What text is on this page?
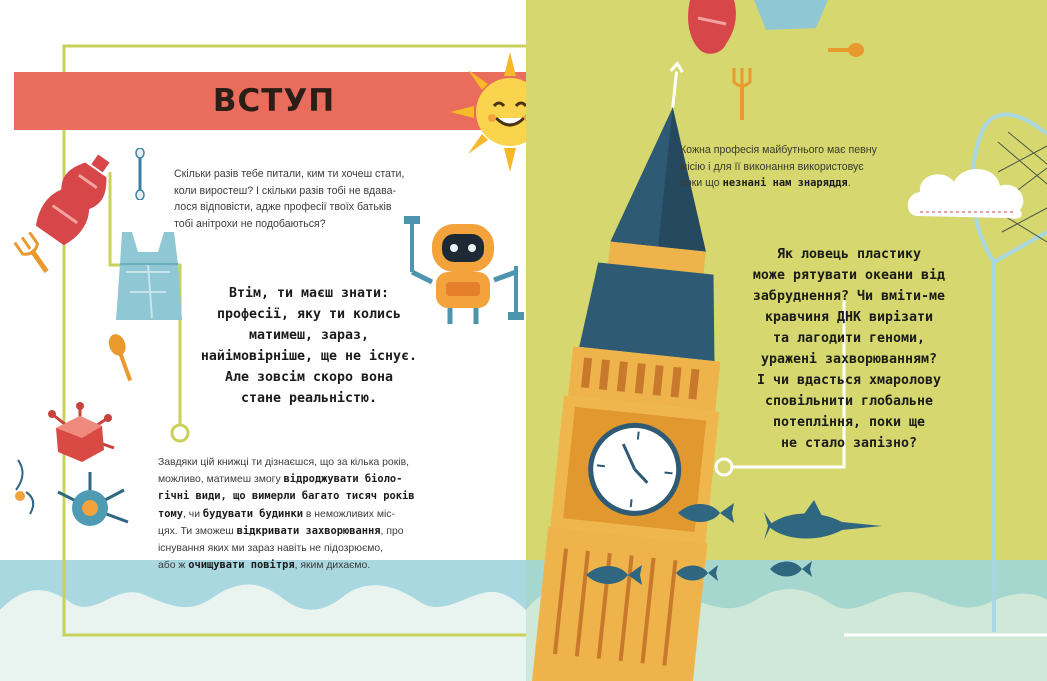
ВСТУП
Скільки разів тебе питали, ким ти хочеш стати,
коли виростеш? І скільки разів тобі не вдава-
лося відповісти, адже професії твоїх батьків
тобі анітрохи не подобаються?
Втім, ти маєш знати:
професії, яку ти колись
матимеш, зараз,
найімовірніше, ще не існує.
Але зовсім скоро вона
стане реальністю.
Завдяки цій книжці ти дізнаєшся, що за кілька років,
можливо, матимеш змогу відроджувати біоло-
гічні види, що вимерли багато тисяч років
тому, чи будувати будинки в неможливих міс-
цях. Ти зможеш відкривати захворювання, про
існування яких ми зараз навіть не підозрюємо,
або ж очищувати повітря, яким дихаємо.
Кожна професія майбутнього має певну
місію і для її виконання використовує
поки що незнані нам знаряддя.
Як ловець пластику
може рятувати океани від
забруднення? Чи вміти-ме
кравчиня ДНК вирізати
та лагодити геноми,
уражені захворюванням?
І чи вдасться хмаролову
сповільнити глобальне
потепління, поки ще
не стало запізно?
